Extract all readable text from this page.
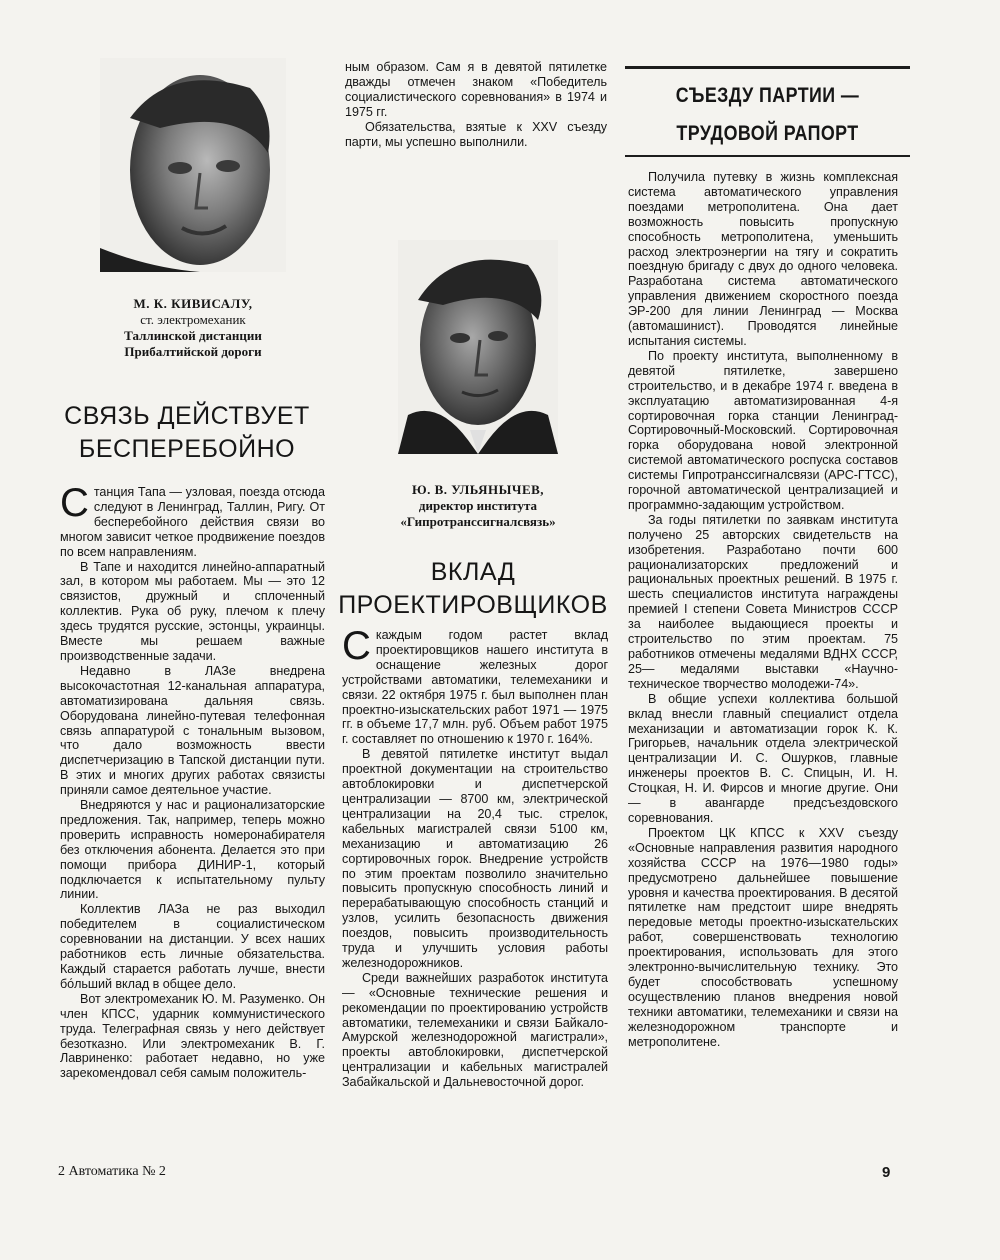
М. К. КИВИСАЛУ,
ст. электромеханик
Таллинской дистанции
Прибалтийской дороги
Ю. В. УЛЬЯНЫЧЕВ,
директор института
«Гипротранссигналсвязь»
СВЯЗЬ ДЕЙСТВУЕТ
БЕСПЕРЕБОЙНО

Станция Тапа — узловая, поезда отсюда следуют в Ленинград, Таллин, Ригу. От бесперебойного действия связи во многом зависит четкое продвижение поездов по всем направлениям.

В Тапе и находится линейно-аппаратный зал, в котором мы работаем. Мы — это 12 связистов, дружный и сплоченный коллектив. Рука об руку, плечом к плечу здесь трудятся русские, эстонцы, украинцы. Вместе мы решаем важные производственные задачи.

Недавно в ЛАЗе внедрена высокочастотная 12-канальная аппаратура, автоматизирована дальняя связь. Оборудована линейно-путевая телефонная связь аппаратурой с тональным вызовом, что дало возможность ввести диспетчеризацию в Тапской дистанции пути. В этих и многих других работах связисты приняли самое деятельное участие.

Внедряются у нас и рационализаторские предложения. Так, например, теперь можно проверить исправность номеронабирателя без отключения абонента. Делается это при помощи прибора ДИНИР-1, который подключается к испытательному пульту линии.

Коллектив ЛАЗа не раз выходил победителем в социалистическом соревновании на дистанции. У всех наших работников есть личные обязательства. Каждый старается работать лучше, внести бо́льший вклад в общее дело.

Вот электромеханик Ю. М. Разуменко. Он член КПСС, ударник коммунистического труда. Телеграфная связь у него действует безотказно. Или электромеханик В. Г. Лавриненко: работает недавно, но уже зарекомендовал себя самым положитель-

ным образом. Сам я в девятой пятилетке дважды отмечен знаком «Победитель социалистического соревнования» в 1974 и 1975 гг.

Обязательства, взятые к XXV съезду парти, мы успешно выполнили.

ВКЛАД
ПРОЕКТИРОВЩИКОВ

Скаждым годом растет вклад проектировщиков нашего института в оснащение железных дорог устройствами автоматики, телемеханики и связи. 22 октября 1975 г. был выполнен план проектно-изыскательских работ 1971 — 1975 гг. в объеме 17,7 млн. руб. Объем работ 1975 г. составляет по отношению к 1970 г. 164%.

В девятой пятилетке институт выдал проектной документации на строительство автоблокировки и диспетчерской централизации — 8700 км, электрической централизации на 20,4 тыс. стрелок, кабельных магистралей связи 5100 км, механизацию и автоматизацию 26 сортировочных горок. Внедрение устройств по этим проектам позволило значительно повысить пропускную способность линий и перерабатывающую способность станций и узлов, усилить безопасность движения поездов, повысить производительность труда и улучшить условия работы железнодорожников.

Среди важнейших разработок института — «Основные технические решения и рекомендации по проектированию устройств автоматики, телемеханики и связи Байкало-Амурской железнодорожной магистрали», проекты автоблокировки, диспетчерской централизации и кабельных магистралей Забайкальской и Дальневосточной дорог.

СЪЕЗДУ ПАРТИИ —
ТРУДОВОЙ РАПОРТ

Получила путевку в жизнь комплексная система автоматического управления поездами метрополитена. Она дает возможность повысить пропускную способность метрополитена, уменьшить расход электроэнергии на тягу и сократить поездную бригаду с двух до одного человека. Разработана система автоматического управления движением скоростного поезда ЭР-200 для линии Ленинград — Москва (автомашинист). Проводятся линейные испытания системы.

По проекту института, выполненному в девятой пятилетке, завершено строительство, и в декабре 1974 г. введена в эксплуатацию автоматизированная 4-я сортировочная горка станции Ленинград-Сортировочный-Московский. Сортировочная горка оборудована новой электронной системой автоматического роспуска составов системы Гипротранссигналсвязи (АРС-ГТСС), горочной автоматической централизацией и программно-задающим устройством.

За годы пятилетки по заявкам института получено 25 авторских свидетельств на изобретения. Разработано почти 600 рационализаторских предложений и рациональных проектных решений. В 1975 г. шесть специалистов института награждены премией I степени Совета Министров СССР за наиболее выдающиеся проекты и строительство по этим проектам. 75 работников отмечены медалями ВДНХ СССР, 25— медалями выставки «Научно-техническое творчество молодежи-74».

В общие успехи коллектива большой вклад внесли главный специалист отдела механизации и автоматизации горок К. К. Григорьев, начальник отдела электрической централизации И. С. Ошурков, главные инженеры проектов В. С. Спицын, И. Н. Стоцкая, Н. И. Фирсов и многие другие. Они — в авангарде предсъездовского соревнования.

Проектом ЦК КПСС к XXV съезду «Основные направления развития народного хозяйства СССР на 1976—1980 годы» предусмотрено дальнейшее повышение уровня и качества проектирования. В десятой пятилетке нам предстоит шире внедрять передовые методы проектно-изыскательских работ, совершенствовать технологию проектирования, использовать для этого электронно-вычислительную технику. Это будет способствовать успешному осуществлению планов внедрения новой техники автоматики, телемеханики и связи на железнодорожном транспорте и метрополитене.

2 Автоматика № 2	9
